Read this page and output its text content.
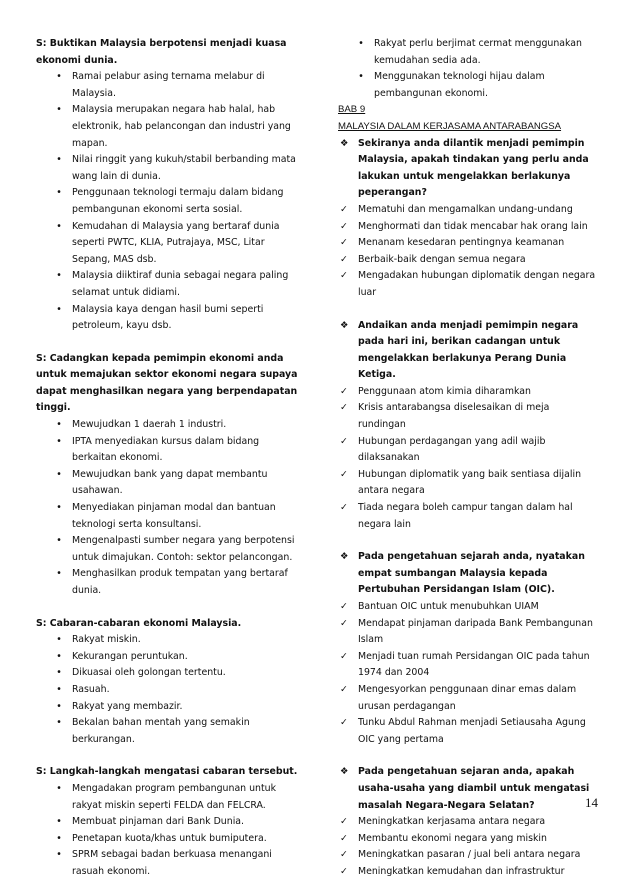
S: Buktikan Malaysia berpotensi menjadi kuasa ekonomi dunia.

•	Ramai pelabur asing ternama melabur di Malaysia.
•	Malaysia merupakan negara hab halal, hab elektronik, hab pelancongan dan industri yang mapan.
•	Nilai ringgit yang kukuh/stabil berbanding mata wang lain di dunia.
•	Penggunaan teknologi termaju dalam bidang pembangunan ekonomi serta sosial.
•	Kemudahan di Malaysia yang bertaraf dunia seperti PWTC, KLIA, Putrajaya, MSC, Litar Sepang, MAS dsb.
•	Malaysia diiktiraf dunia sebagai negara paling selamat untuk didiami.
•	Malaysia kaya dengan hasil bumi seperti petroleum, kayu dsb.

S: Cadangkan kepada pemimpin ekonomi anda untuk memajukan sektor ekonomi negara supaya dapat menghasilkan negara yang berpendapatan tinggi.

•	Mewujudkan 1 daerah 1 industri.
•	IPTA menyediakan kursus dalam bidang berkaitan ekonomi.
•	Mewujudkan bank yang dapat membantu usahawan.
•	Menyediakan pinjaman modal dan bantuan teknologi serta konsultansi.
•	Mengenalpasti sumber negara yang berpotensi untuk dimajukan. Contoh: sektor pelancongan.
•	Menghasilkan produk tempatan yang bertaraf dunia.

S: Cabaran-cabaran ekonomi Malaysia.

•	Rakyat miskin.
•	Kekurangan peruntukan.
•	Dikuasai oleh golongan tertentu.
•	Rasuah.
•	Rakyat yang membazir.
•	Bekalan bahan mentah yang semakin berkurangan.

S: Langkah-langkah mengatasi cabaran tersebut.

•	Mengadakan program pembangunan untuk rakyat miskin seperti FELDA dan FELCRA.
•	Membuat pinjaman dari Bank Dunia.
•	Penetapan kuota/khas untuk bumiputera.
•	SPRM sebagai badan berkuasa menangani rasuah ekonomi.
•	Rakyat perlu berjimat cermat menggunakan kemudahan sedia ada.
•	Menggunakan teknologi hijau dalam pembangunan ekonomi.

BAB 9

MALAYSIA DALAM KERJASAMA ANTARABANGSA

❖ Sekiranya anda dilantik menjadi pemimpin Malaysia, apakah tindakan yang perlu anda lakukan untuk mengelakkan berlakunya peperangan?

✓ Mematuhi dan mengamalkan undang-undang
✓ Menghormati dan tidak mencabar hak orang lain
✓ Menanam kesedaran pentingnya keamanan
✓ Berbaik-baik dengan semua negara
✓ Mengadakan hubungan diplomatik dengan negara luar

❖ Andaikan anda menjadi pemimpin negara pada hari ini, berikan cadangan untuk mengelakkan berlakunya Perang Dunia Ketiga.

✓ Penggunaan atom kimia diharamkan
✓ Krisis antarabangsa diselesaikan di meja rundingan
✓ Hubungan perdagangan yang adil wajib dilaksanakan
✓ Hubungan diplomatik yang baik sentiasa dijalin antara negara
✓ Tiada negara boleh campur tangan dalam hal negara lain

❖ Pada pengetahuan sejarah anda, nyatakan empat sumbangan Malaysia kepada Pertubuhan Persidangan Islam (OIC).

✓ Bantuan OIC untuk menubuhkan UIAM
✓ Mendapat pinjaman daripada Bank Pembangunan Islam
✓ Menjadi tuan rumah Persidangan OIC pada tahun 1974 dan 2004
✓ Mengesyorkan penggunaan dinar emas dalam urusan perdagangan
✓ Tunku Abdul Rahman menjadi Setiausaha Agung OIC yang pertama

❖ Pada pengetahuan sejaran anda, apakah usaha-usaha yang diambil untuk mengatasi masalah Negara-Negara Selatan?

✓ Meningkatkan kerjasama antara negara
✓ Membantu ekonomi negara yang miskin
✓ Meningkatkan pasaran / jual beli antara negara
✓ Meningkatkan kemudahan dan infrastruktur
14
